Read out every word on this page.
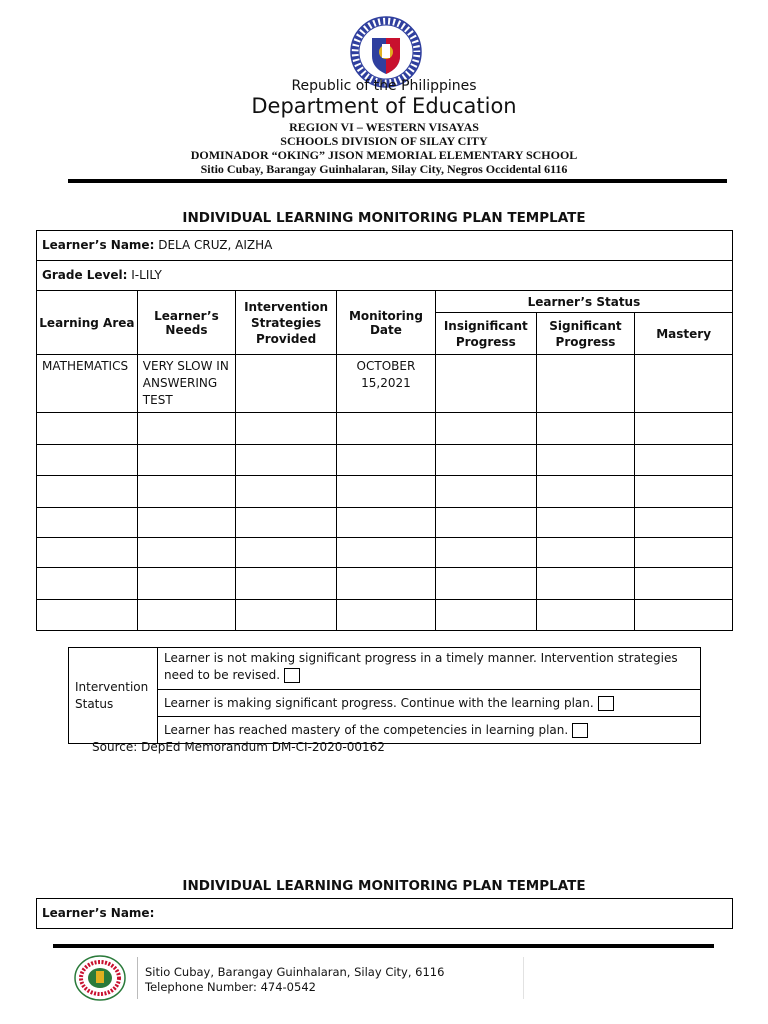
Republic of the Philippines
Department of Education
REGION VI – WESTERN VISAYAS
SCHOOLS DIVISION OF SILAY CITY
DOMINADOR “OKING” JISON MEMORIAL ELEMENTARY SCHOOL
Sitio Cubay, Barangay Guinhalaran, Silay City, Negros Occidental 6116
INDIVIDUAL LEARNING MONITORING PLAN TEMPLATE
Learner’s Name: DELA CRUZ, AIZHA						
Grade Level: I-LILY						
Learning Area	Learner’s Needs	Intervention Strategies Provided	Monitoring Date	Learner’s Status		
				Insignificant Progress	Significant Progress	Mastery
MATHEMATICS	VERY SLOW IN ANSWERING TEST		OCTOBER 15,2021			

Intervention Status	Learner is not making significant progress in a timely manner. Intervention strategies need to be revised.
Learner is making significant progress. Continue with the learning plan.
Learner has reached mastery of the competencies in learning plan.
Source: DepEd Memorandum DM-CI-2020-00162
INDIVIDUAL LEARNING MONITORING PLAN TEMPLATE
Learner’s Name:
Sitio Cubay, Barangay Guinhalaran, Silay City, 6116
Telephone Number: 474-0542
